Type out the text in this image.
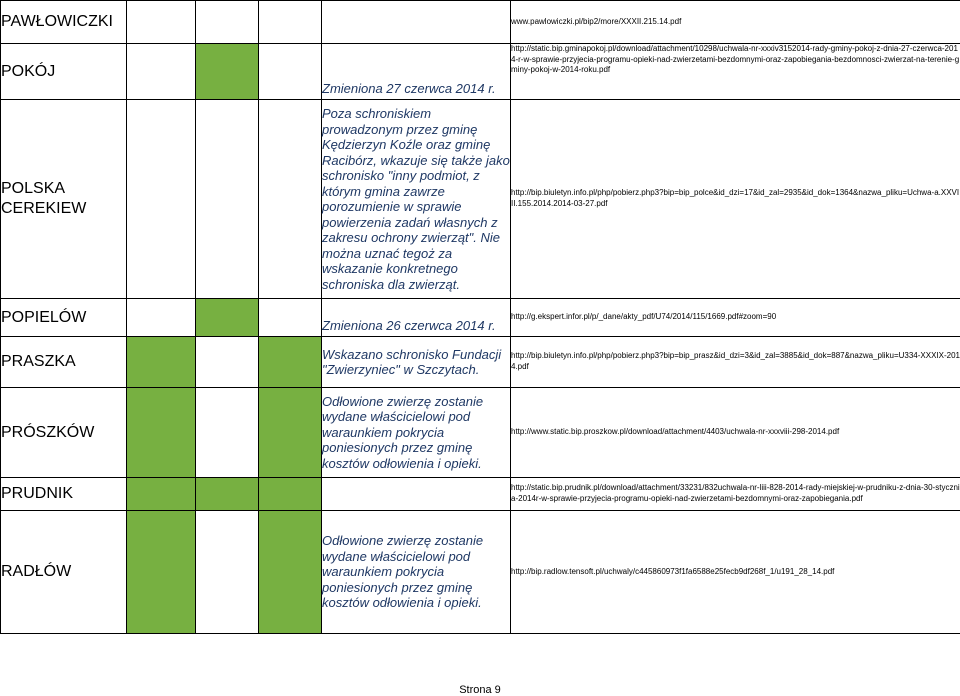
PAWŁOWICZKI					www.pawlowiczki.pl/bip2/more/XXXII.215.14.pdf
POKÓJ				Zmieniona 27 czerwca 2014 r.	http://static.bip.gminapokoj.pl/download/attachment/10298/uchwala-nr-xxxiv3152014-rady-gminy-pokoj-z-dnia-27-czerwca-2014-r-w-sprawie-przyjecia-programu-opieki-nad-zwierzetami-bezdomnymi-oraz-zapobiegania-bezdomnosci-zwierzat-na-terenie-gminy-pokoj-w-2014-roku.pdf
POLSKA CEREKIEW				Poza schroniskiem prowadzonym przez gminę Kędzierzyn Koźle oraz gminę Racibórz, wkazuje się także jako schronisko "inny podmiot, z którym gmina zawrze porozumienie w sprawie powierzenia zadań własnych z zakresu ochrony zwierząt". Nie można uznać tegoż za wskazanie konkretnego schroniska dla zwierząt.	http://bip.biuletyn.info.pl/php/pobierz.php3?bip=bip_polce&id_dzi=17&id_zal=2935&id_dok=1364&nazwa_pliku=Uchwa-a.XXVIII.155.2014.2014-03-27.pdf
POPIELÓW				Zmieniona 26 czerwca 2014 r.	http://g.ekspert.infor.pl/p/_dane/akty_pdf/U74/2014/115/1669.pdf#zoom=90
PRASZKA				Wskazano schronisko Fundacji "Zwierzyniec" w Szczytach.	http://bip.biuletyn.info.pl/php/pobierz.php3?bip=bip_prasz&id_dzi=3&id_zal=3885&id_dok=887&nazwa_pliku=U334-XXXIX-2014.pdf
PRÓSZKÓW				Odłowione zwierzę zostanie wydane właścicielowi pod waraunkiem pokrycia poniesionych przez gminę kosztów odłowienia i opieki.	http://www.static.bip.proszkow.pl/download/attachment/4403/uchwala-nr-xxxviii-298-2014.pdf
PRUDNIK					http://static.bip.prudnik.pl/download/attachment/33231/832uchwala-nr-liii-828-2014-rady-miejskiej-w-prudniku-z-dnia-30-stycznia-2014r-w-sprawie-przyjecia-programu-opieki-nad-zwierzetami-bezdomnymi-oraz-zapobiegania.pdf
RADŁÓW				Odłowione zwierzę zostanie wydane właścicielowi pod waraunkiem pokrycia poniesionych przez gminę kosztów odłowienia i opieki.	http://bip.radlow.tensoft.pl/uchwaly/c445860973f1fa6588e25fecb9df268f_1/u191_28_14.pdf
Strona 9
